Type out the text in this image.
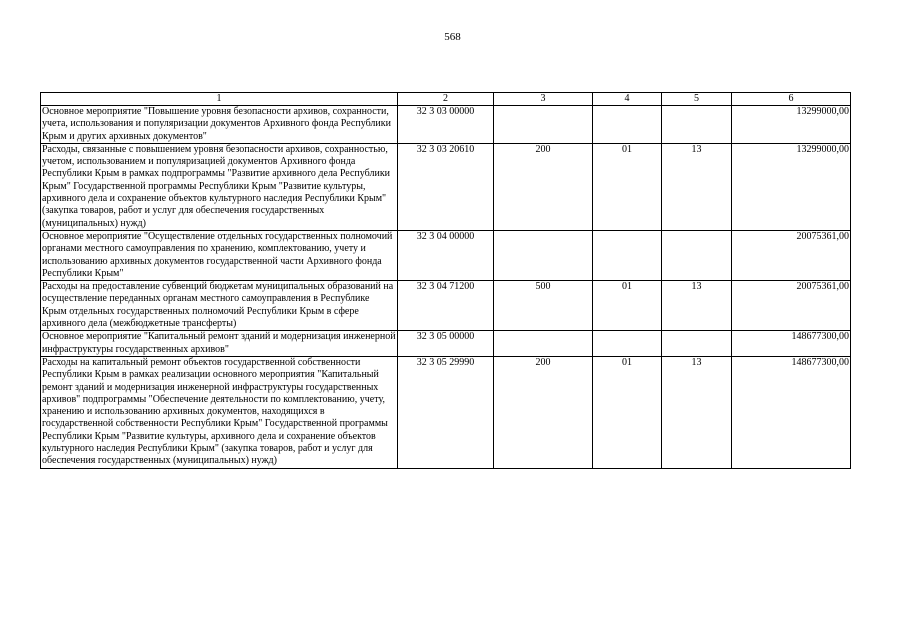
568
1	2	3	4	5	6
Основное мероприятие "Повышение уровня безопасности архивов, сохранности, учета, использования и популяризации документов Архивного фонда Республики Крым и других архивных документов"	32 3 03 00000				13299000,00
Расходы, связанные с повышением уровня безопасности архивов, сохранностью, учетом, использованием и популяризацией документов Архивного фонда Республики Крым в рамках подпрограммы "Развитие архивного дела Республики Крым" Государственной программы Республики Крым "Развитие культуры, архивного дела и сохранение объектов культурного наследия Республики Крым" (закупка товаров, работ и услуг для обеспечения государственных (муниципальных) нужд)	32 3 03 20610	200	01	13	13299000,00
Основное мероприятие "Осуществление отдельных государственных полномочий органами местного самоуправления по хранению, комплектованию, учету и использованию архивных документов государственной части Архивного фонда Республики Крым"	32 3 04 00000				20075361,00
Расходы на предоставление субвенций бюджетам муниципальных образований на осуществление переданных органам местного самоуправления в Республике Крым отдельных государственных полномочий Республики Крым в сфере архивного дела (межбюджетные трансферты)	32 3 04 71200	500	01	13	20075361,00
Основное мероприятие "Капитальный ремонт зданий и модернизация инженерной инфраструктуры государственных архивов"	32 3 05 00000				148677300,00
Расходы на капитальный ремонт объектов государственной собственности Республики Крым в рамках реализации основного мероприятия "Капитальный ремонт зданий и модернизация инженерной инфраструктуры государственных архивов" подпрограммы "Обеспечение деятельности по комплектованию, учету, хранению и использованию архивных документов, находящихся в государственной собственности Республики Крым" Государственной программы Республики Крым "Развитие культуры, архивного дела и сохранение объектов культурного наследия Республики Крым" (закупка товаров, работ и услуг для обеспечения государственных (муниципальных) нужд)	32 3 05 29990	200	01	13	148677300,00
